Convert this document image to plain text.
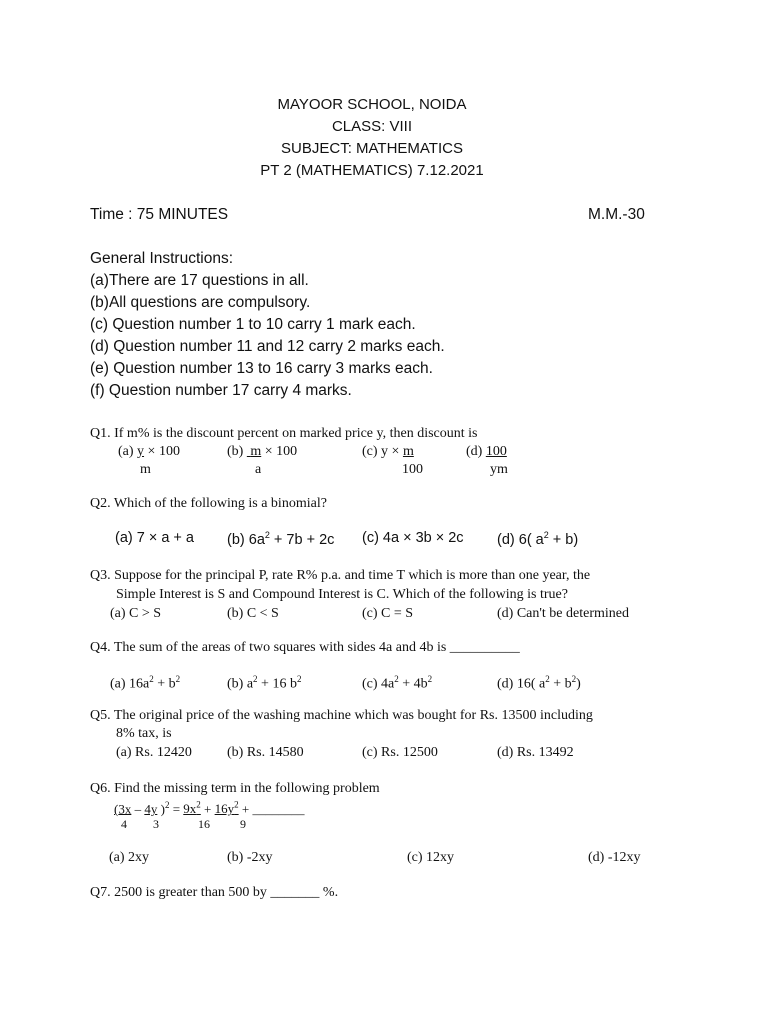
MAYOOR SCHOOL, NOIDA
CLASS: VIII
SUBJECT: MATHEMATICS
PT 2 (MATHEMATICS) 7.12.2021
Time : 75 MINUTES	M.M.-30
General Instructions:
(a)There are 17 questions in all.
(b)All questions are compulsory.
(c) Question number 1 to 10 carry 1 mark each.
(d) Question number 11 and 12 carry 2 marks each.
(e) Question number 13 to 16 carry 3 marks each.
(f) Question number 17 carry 4 marks.
Q1. If m% is the discount percent on marked price y, then discount is
(a) y × 100
m
(b) m × 100
a
(c) y × m
100
(d) 100
ym
Q2. Which of the following is a binomial?
(a) 7 × a + a (b) $6a^2 + 7b + 2c$ (c) 4a × 3b × 2c (d) 6( $a^2 + b$)
Q3. Suppose for the principal P, rate R% p.a. and time T which is more than one year, the
Simple Interest is S and Compound Interest is C. Which of the following is true?
(a) C > S	(b) C < S	(c) C = S	(d) Can't be determined
Q4. The sum of the areas of two squares with sides 4a and 4b is __________
(a) $16a^2 + b^2$	(b) $a^2 + 16$ $b^2$	(c) $4a^2 + 4b^2$	(d) 16( $a^2 + b^2$)
Q5. The original price of the washing machine which was bought for Rs. 13500 including
8% tax, is
(a) Rs. 12420	(b) Rs. 14580	(c) Rs. 12500	(d) Rs. 13492
Q6. Find the missing term in the following problem
(3x – 4y )$^2 = 9x^2 + 16y^2$ + ________
4 3	16	9
(a) 2xy	(b) -2xy	(c) 12xy	(d) -12xy
Q7. 2500 is greater than 500 by _______ %.
